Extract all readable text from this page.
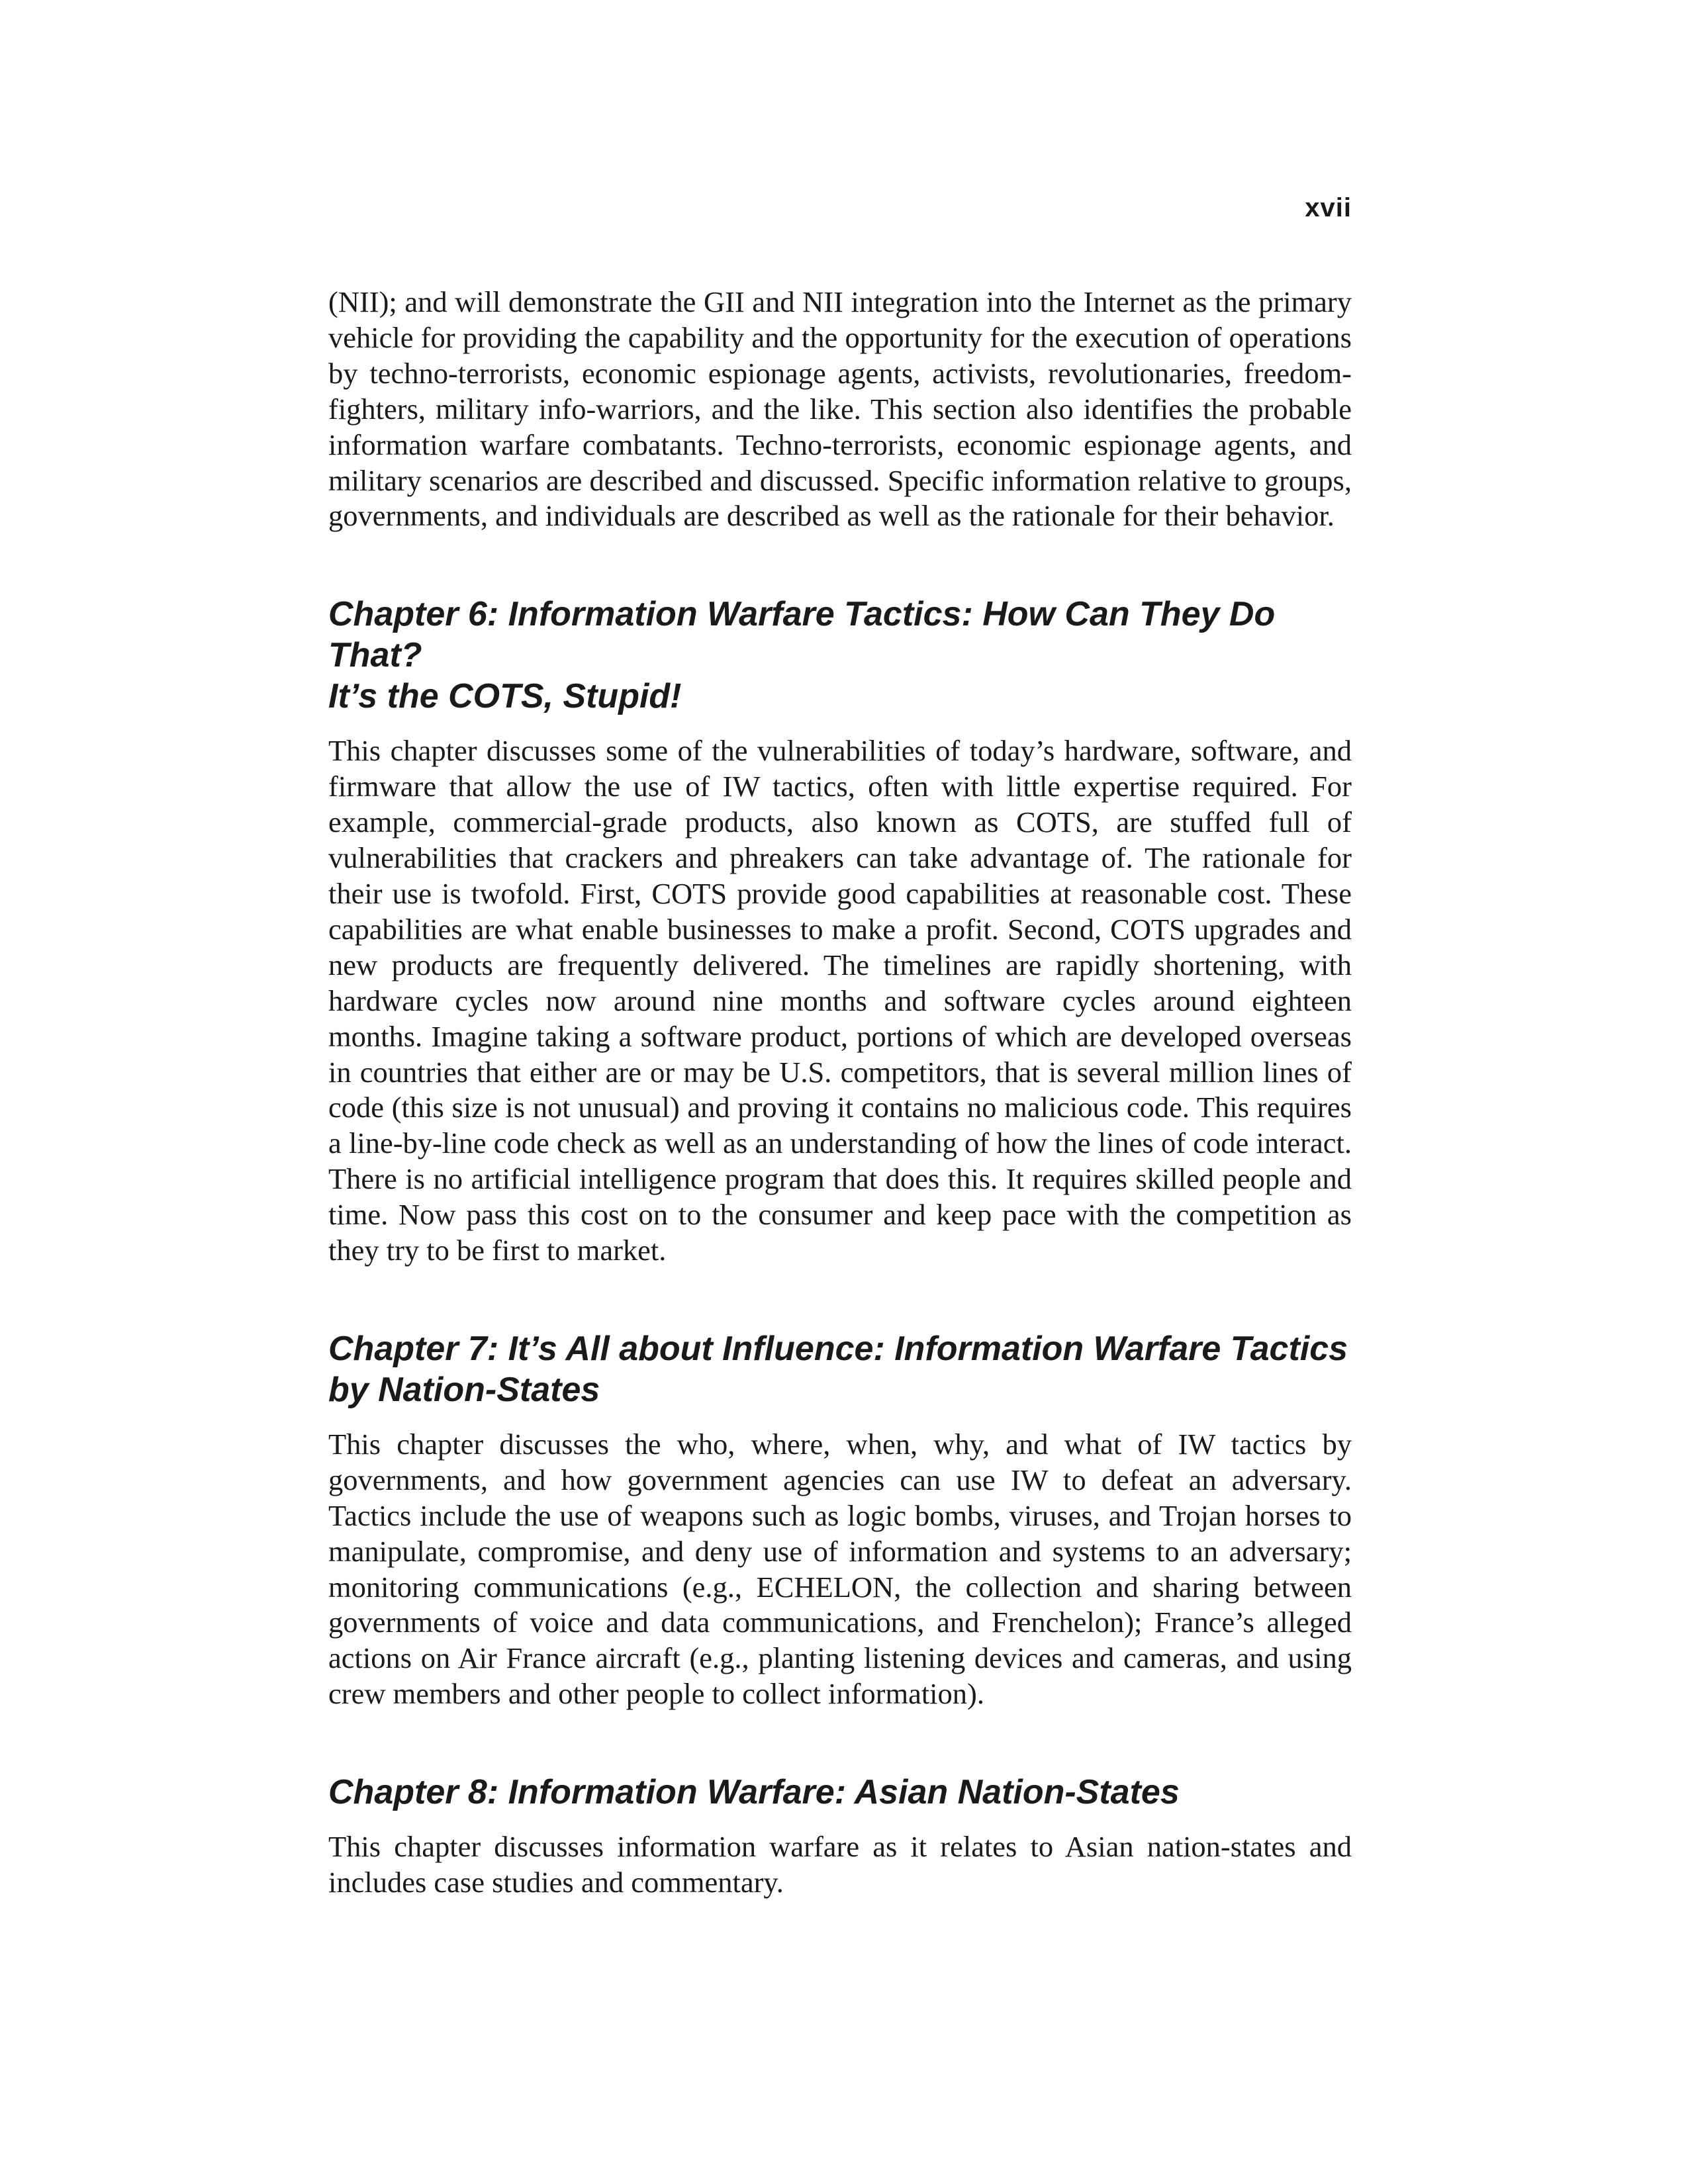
xvii

(NII); and will demonstrate the GII and NII integration into the Internet as the primary vehicle for providing the capability and the opportunity for the execution of operations by techno-terrorists, economic espionage agents, activists, revolutionaries, freedom-fighters, military info-warriors, and the like. This section also identifies the probable information warfare combatants. Techno-terrorists, economic espionage agents, and military scenarios are described and discussed. Specific information relative to groups, governments, and individuals are described as well as the rationale for their behavior.

Chapter 6: Information Warfare Tactics: How Can They Do That?
It’s the COTS, Stupid!

This chapter discusses some of the vulnerabilities of today’s hardware, software, and firmware that allow the use of IW tactics, often with little expertise required. For example, commercial-grade products, also known as COTS, are stuffed full of vulnerabilities that crackers and phreakers can take advantage of. The rationale for their use is twofold. First, COTS provide good capabilities at reasonable cost. These capabilities are what enable businesses to make a profit. Second, COTS upgrades and new products are frequently delivered. The timelines are rapidly shortening, with hardware cycles now around nine months and software cycles around eighteen months. Imagine taking a software product, portions of which are developed overseas in countries that either are or may be U.S. competitors, that is several million lines of code (this size is not unusual) and proving it contains no malicious code. This requires a line-by-line code check as well as an understanding of how the lines of code interact. There is no artificial intelligence program that does this. It requires skilled people and time. Now pass this cost on to the consumer and keep pace with the competition as they try to be first to market.

Chapter 7: It’s All about Influence: Information Warfare Tactics
by Nation-States

This chapter discusses the who, where, when, why, and what of IW tactics by governments, and how government agencies can use IW to defeat an adversary. Tactics include the use of weapons such as logic bombs, viruses, and Trojan horses to manipulate, compromise, and deny use of information and systems to an adversary; monitoring communications (e.g., ECHELON, the collection and sharing between governments of voice and data communications, and Frenchelon); France’s alleged actions on Air France aircraft (e.g., planting listening devices and cameras, and using crew members and other people to collect information).

Chapter 8: Information Warfare: Asian Nation-States

This chapter discusses information warfare as it relates to Asian nation-states and includes case studies and commentary.
